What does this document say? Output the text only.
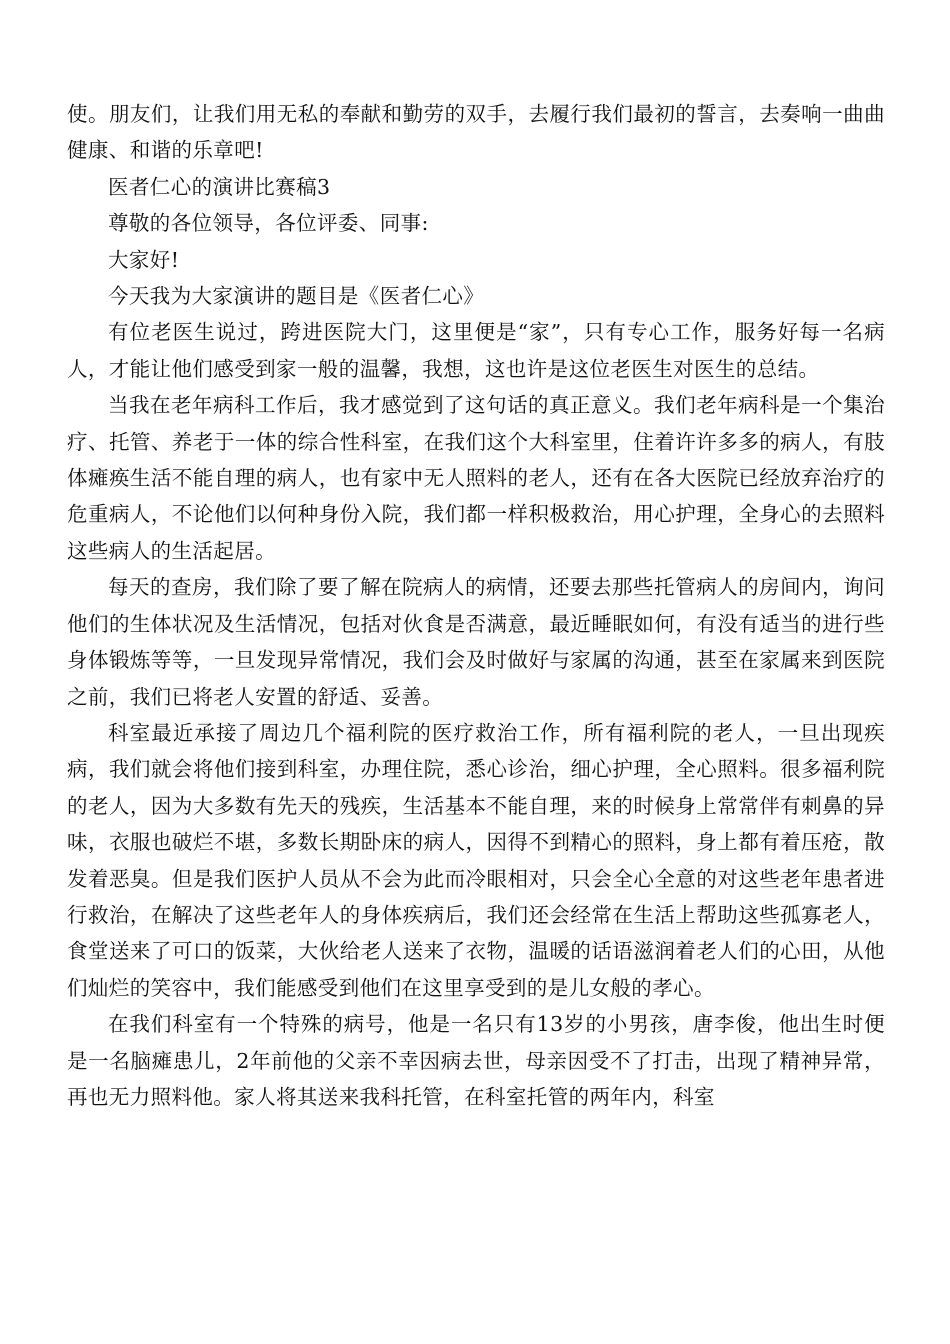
使。朋友们，让我们用无私的奉献和勤劳的双手，去履行我们最初的誓言，去奏响一曲曲健康、和谐的乐章吧!

医者仁心的演讲比赛稿3

尊敬的各位领导，各位评委、同事:

大家好!

今天我为大家演讲的题目是《医者仁心》

有位老医生说过，跨进医院大门，这里便是“家”，只有专心工作，服务好每一名病人，才能让他们感受到家一般的温馨，我想，这也许是这位老医生对医生的总结。

当我在老年病科工作后，我才感觉到了这句话的真正意义。我们老年病科是一个集治疗、托管、养老于一体的综合性科室，在我们这个大科室里，住着许许多多的病人，有肢体瘫痪生活不能自理的病人，也有家中无人照料的老人，还有在各大医院已经放弃治疗的危重病人，不论他们以何种身份入院，我们都一样积极救治，用心护理，全身心的去照料这些病人的生活起居。

每天的查房，我们除了要了解在院病人的病情，还要去那些托管病人的房间内，询问他们的生体状况及生活情况，包括对伙食是否满意，最近睡眠如何，有没有适当的进行些身体锻炼等等，一旦发现异常情况，我们会及时做好与家属的沟通，甚至在家属来到医院之前，我们已将老人安置的舒适、妥善。

科室最近承接了周边几个福利院的医疗救治工作，所有福利院的老人，一旦出现疾病，我们就会将他们接到科室，办理住院，悉心诊治，细心护理，全心照料。很多福利院的老人，因为大多数有先天的残疾，生活基本不能自理，来的时候身上常常伴有刺鼻的异味，衣服也破烂不堪，多数长期卧床的病人，因得不到精心的照料，身上都有着压疮，散发着恶臭。但是我们医护人员从不会为此而冷眼相对，只会全心全意的对这些老年患者进行救治，在解决了这些老年人的身体疾病后，我们还会经常在生活上帮助这些孤寡老人，食堂送来了可口的饭菜，大伙给老人送来了衣物，温暖的话语滋润着老人们的心田，从他们灿烂的笑容中，我们能感受到他们在这里享受到的是儿女般的孝心。

在我们科室有一个特殊的病号，他是一名只有13岁的小男孩，唐李俊，他出生时便是一名脑瘫患儿，2年前他的父亲不幸因病去世，母亲因受不了打击，出现了精神异常，再也无力照料他。家人将其送来我科托管，在科室托管的两年内，科室
